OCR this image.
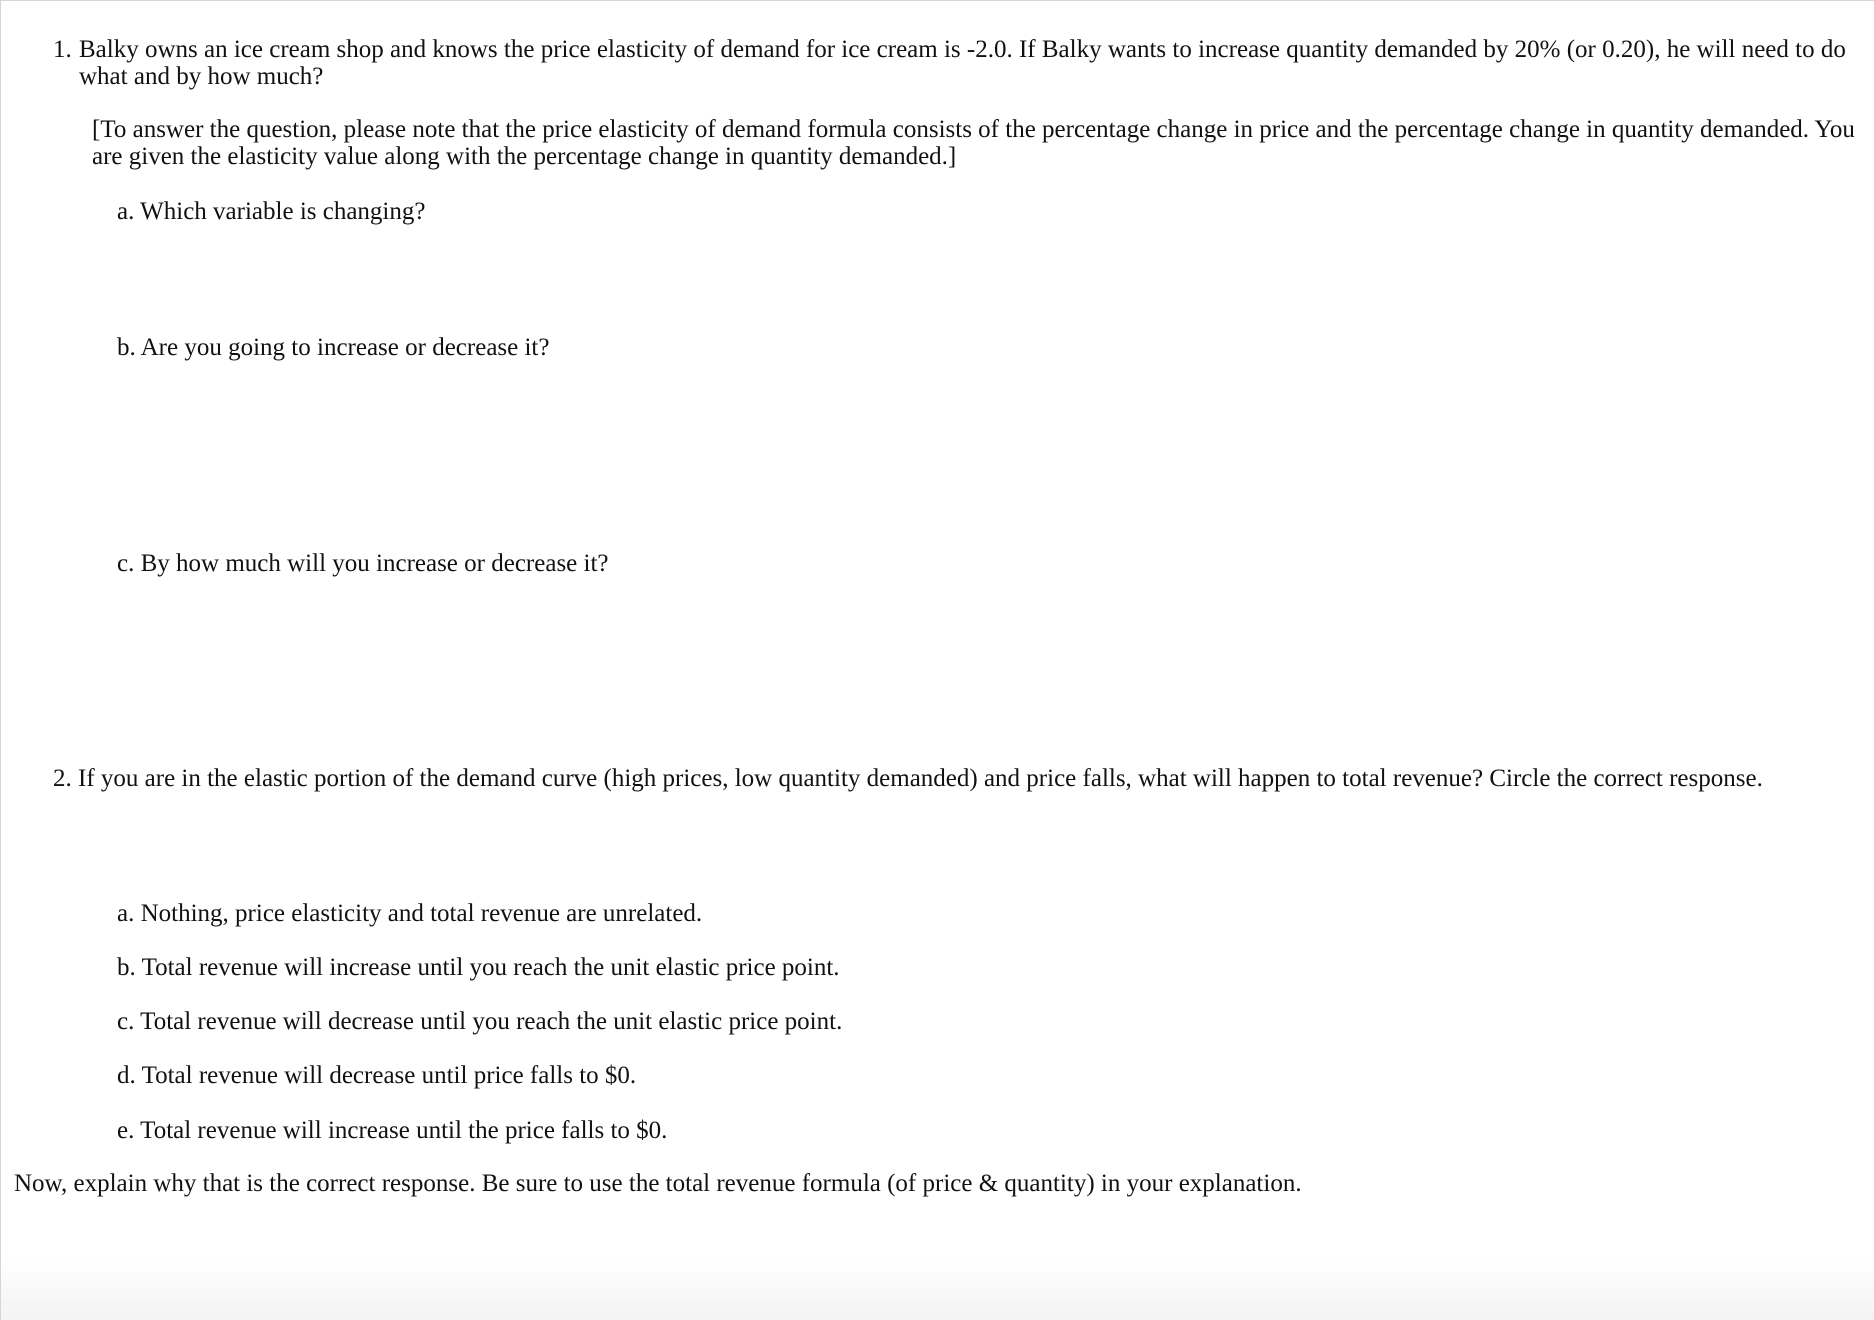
1. Balky owns an ice cream shop and knows the price elasticity of demand for ice cream is -2.0. If Balky wants to increase quantity demanded by 20% (or 0.20), he will need to do what and by how much?

[To answer the question, please note that the price elasticity of demand formula consists of the percentage change in price and the percentage change in quantity demanded. You are given the elasticity value along with the percentage change in quantity demanded.]

a. Which variable is changing?

b. Are you going to increase or decrease it?

c. By how much will you increase or decrease it?

2. If you are in the elastic portion of the demand curve (high prices, low quantity demanded) and price falls, what will happen to total revenue? Circle the correct response.

a. Nothing, price elasticity and total revenue are unrelated.

b. Total revenue will increase until you reach the unit elastic price point.

c. Total revenue will decrease until you reach the unit elastic price point.

d. Total revenue will decrease until price falls to $0.

e. Total revenue will increase until the price falls to $0.

Now, explain why that is the correct response. Be sure to use the total revenue formula (of price & quantity) in your explanation.
